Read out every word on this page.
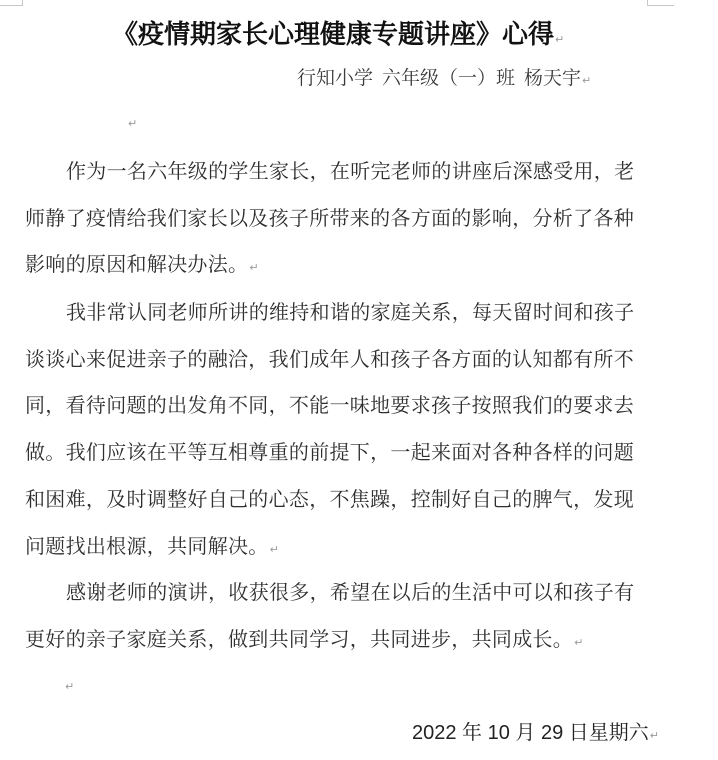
《疫情期家长心理健康专题讲座》心得↵
行知小学 六年级（一）班 杨天宇↵
↵
作为一名六年级的学生家长，在听完老师的讲座后深感受用，老
师静了疫情给我们家长以及孩子所带来的各方面的影响，分析了各种
影响的原因和解决办法。↵
我非常认同老师所讲的维持和谐的家庭关系，每天留时间和孩子
谈谈心来促进亲子的融洽，我们成年人和孩子各方面的认知都有所不
同，看待问题的出发角不同，不能一味地要求孩子按照我们的要求去
做。我们应该在平等互相尊重的前提下，一起来面对各种各样的问题
和困难，及时调整好自己的心态，不焦躁，控制好自己的脾气，发现
问题找出根源，共同解决。↵
感谢老师的演讲，收获很多，希望在以后的生活中可以和孩子有
更好的亲子家庭关系，做到共同学习，共同进步，共同成长。↵
↵
2022 年 10 月 29 日星期六↵
